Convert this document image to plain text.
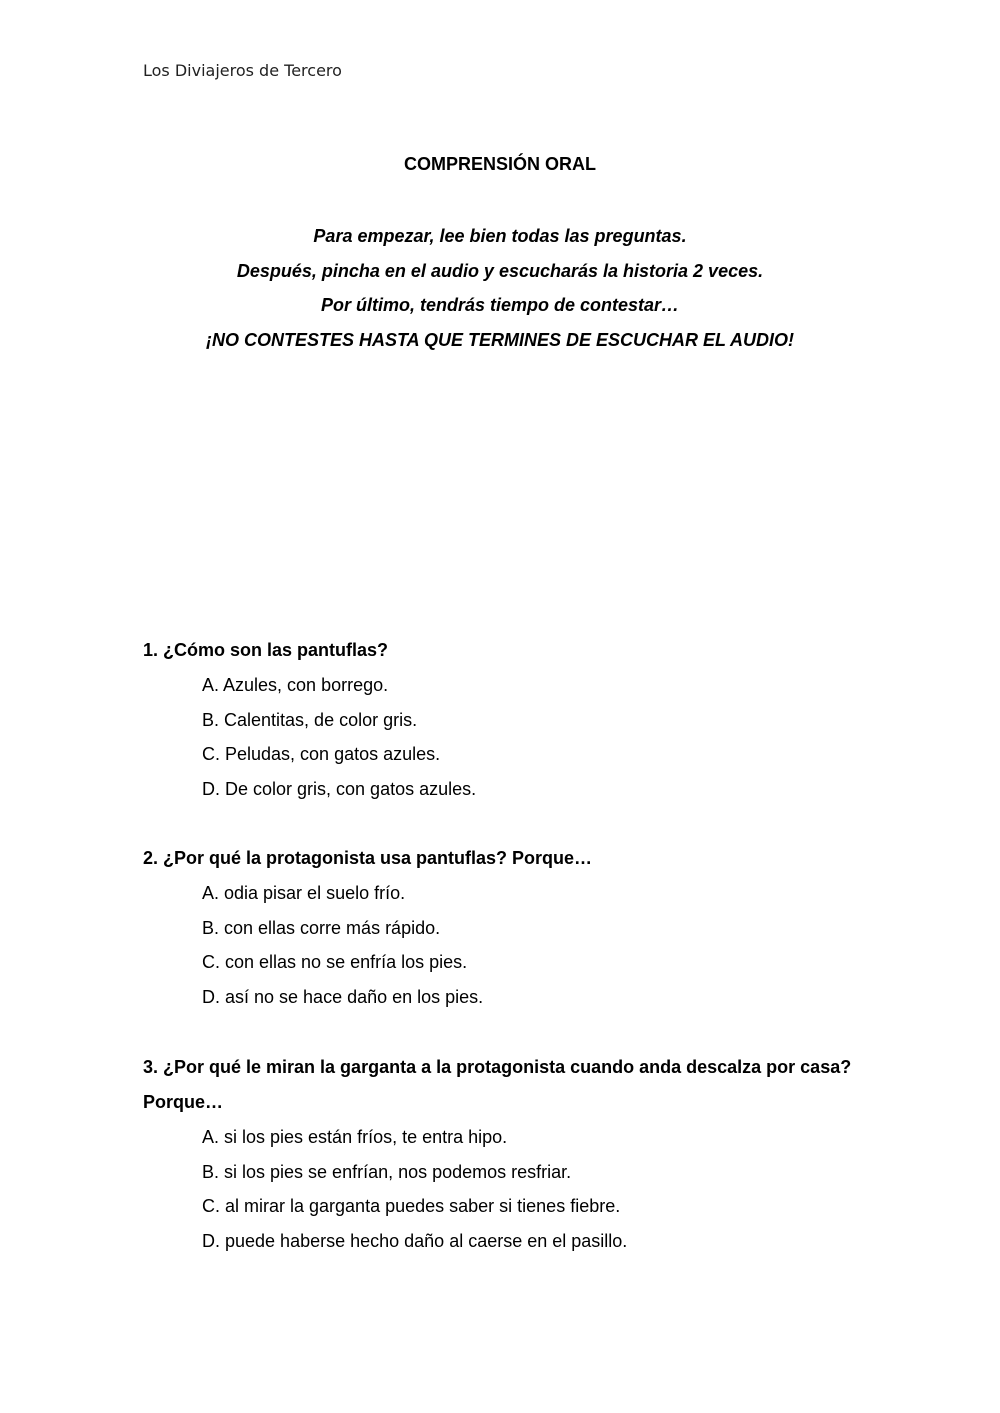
Los Diviajeros de Tercero
COMPRENSIÓN ORAL
Para empezar, lee bien todas las preguntas.
Después, pincha en el audio y escucharás la historia 2 veces.
Por último, tendrás tiempo de contestar…
¡NO CONTESTES HASTA QUE TERMINES DE ESCUCHAR EL AUDIO!
1. ¿Cómo son las pantuflas?
A. Azules, con borrego.
B. Calentitas, de color gris.
C. Peludas, con gatos azules.
D. De color gris, con gatos azules.
2. ¿Por qué la protagonista usa pantuflas? Porque…
A. odia pisar el suelo frío.
B. con ellas corre más rápido.
C. con ellas no se enfría los pies.
D. así no se hace daño en los pies.
3. ¿Por qué le miran la garganta a la protagonista cuando anda descalza por casa? Porque…
A. si los pies están fríos, te entra hipo.
B. si los pies se enfrían, nos podemos resfriar.
C. al mirar la garganta puedes saber si tienes fiebre.
D. puede haberse hecho daño al caerse en el pasillo.
